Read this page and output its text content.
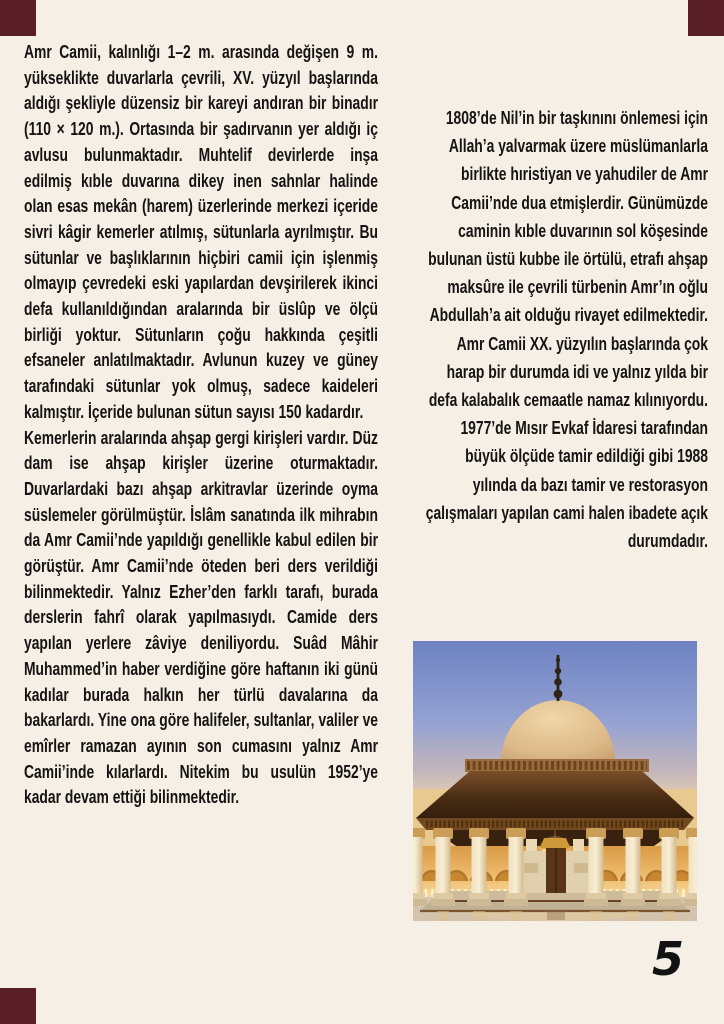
Amr Camii, kalınlığı 1–2 m. arasında değişen 9 m. yükseklikte duvarlarla çevrili, XV. yüzyıl başlarında aldığı şekliyle düzensiz bir kareyi andıran bir binadır (110 × 120 m.). Ortasında bir şadırvanın yer aldığı iç avlusu bulunmaktadır. Muhtelif devirlerde inşa edilmiş kıble duvarına dikey inen sahnlar halinde olan esas mekân (harem) üzerlerinde merkezi içeride sivri kâgir kemerler atılmış, sütunlarla ayrılmıştır. Bu sütunlar ve başlıklarının hiçbiri camii için işlenmiş olmayıp çevredeki eski yapılardan devşirilerek ikinci defa kullanıldığından aralarında bir üslûp ve ölçü birliği yoktur. Sütunların çoğu hakkında çeşitli efsaneler anlatılmaktadır. Avlunun kuzey ve güney tarafındaki sütunlar yok olmuş, sadece kaideleri kalmıştır. İçeride bulunan sütun sayısı 150 kadardır.

Kemerlerin aralarında ahşap gergi kirişleri vardır. Düz dam ise ahşap kirişler üzerine oturmaktadır. Duvarlardaki bazı ahşap arkitravlar üzerinde oyma süslemeler görülmüştür. İslâm sanatında ilk mihrabın da Amr Camii’nde yapıldığı genellikle kabul edilen bir görüştür. Amr Camii’nde öteden beri ders verildiği bilinmektedir. Yalnız Ezher’den farklı tarafı, burada derslerin fahrî olarak yapılmasıydı. Camide ders yapılan yerlere zâviye deniliyordu. Suâd Mâhir Muhammed’in haber verdiğine göre haftanın iki günü kadılar burada halkın her türlü davalarına da bakarlardı. Yine ona göre halifeler, sultanlar, valiler ve emîrler ramazan ayının son cumasını yalnız Amr Camii’inde kılarlardı. Nitekim bu usulün 1952’ye kadar devam ettiği bilinmektedir.

1808’de Nil’in bir taşkınını önlemesi için Allah’a yalvarmak üzere müslümanlarla birlikte hıristiyan ve yahudiler de Amr Camii’nde dua etmişlerdir. Günümüzde caminin kıble duvarının sol köşesinde bulunan üstü kubbe ile örtülü, etrafı ahşap maksûre ile çevrili türbenin Amr’ın oğlu Abdullah’a ait olduğu rivayet edilmektedir. Amr Camii XX. yüzyılın başlarında çok harap bir durumda idi ve yalnız yılda bir defa kalabalık cemaatle namaz kılınıyordu. 1977’de Mısır Evkaf İdaresi tarafından büyük ölçüde tamir edildiği gibi 1988 yılında da bazı tamir ve restorasyon çalışmaları yapılan cami halen ibadete açık durumdadır.

5
